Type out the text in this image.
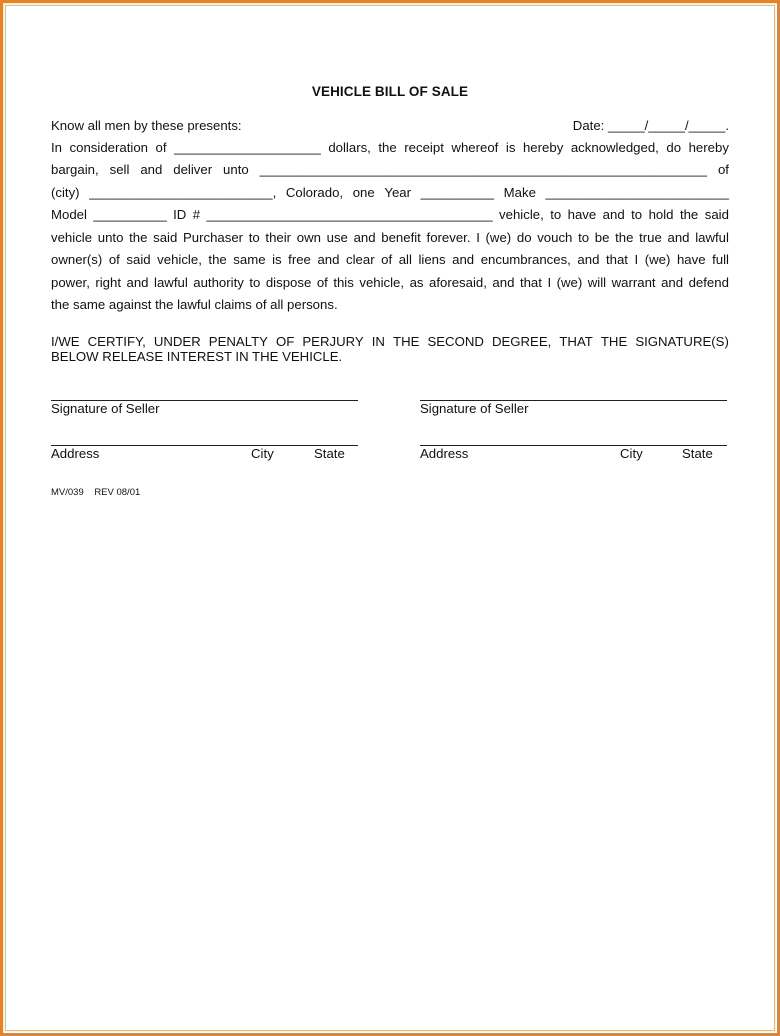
VEHICLE BILL OF SALE
Know all men by these presents:	Date: _____/_____/_____.
In consideration of ____________________ dollars, the receipt whereof is hereby acknowledged, do hereby
bargain, sell and deliver unto _____________________________________________________________ of
(city) _________________________, Colorado, one Year __________ Make _________________________
Model __________ ID # _______________________________________ vehicle, to have and to hold the said
vehicle unto the said Purchaser to their own use and benefit forever. I (we) do vouch to be the true and lawful
owner(s) of said vehicle, the same is free and clear of all liens and encumbrances, and that I (we) have full
power, right and lawful authority to dispose of this vehicle, as aforesaid, and that I (we) will warrant and defend
the same against the lawful claims of all persons.
I/WE CERTIFY, UNDER PENALTY OF PERJURY IN THE SECOND DEGREE, THAT THE SIGNATURE(S)
BELOW RELEASE INTEREST IN THE VEHICLE.
Signature of Seller
Address	City	State
Signature of Seller
Address	City	State
MV/039 REV 08/01
